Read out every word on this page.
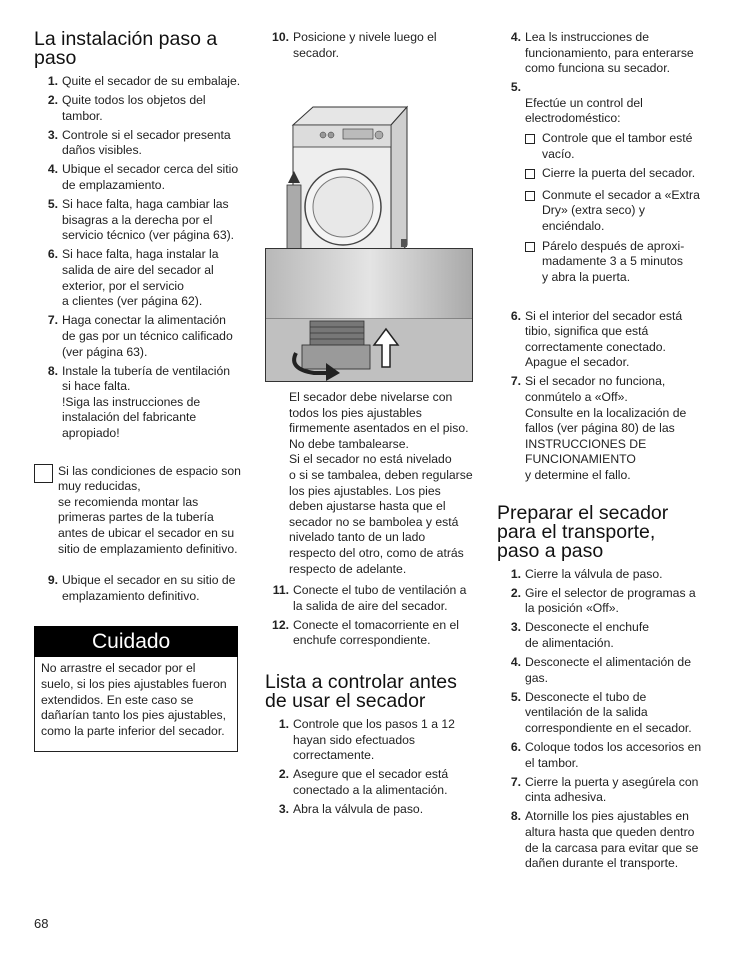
La instalación paso a paso
1. Quite el secador de su embalaje.
2. Quite todos los objetos del tambor.
3. Controle si el secador presenta daños visibles.
4. Ubique el secador cerca del sitio de emplazamiento.
5. Si hace falta, haga cambiar las bisagras a la derecha por el servicio técnico (ver página 63).
6. Si hace falta, haga instalar la salida de aire del secador al exterior, por el servicio
a clientes (ver página 62).
7. Haga conectar la alimentación de gas por un técnico calificado (ver página 63).
8. Instale la tubería de ventilación si hace falta.
!Siga las instrucciones de instalación del fabricante apropiado!
Si las condiciones de espacio son muy reducidas,
se recomienda montar las primeras partes de la tubería antes de ubicar el secador en su sitio de emplazamiento definitivo.
9. Ubique el secador en su sitio de emplazamiento definitivo.
Cuidado
No arrastre el secador por el suelo, si los pies ajustables fueron extendidos. En este caso se dañarían tanto los pies ajustables, como la parte inferior del secador.
10. Posicione y nivele luego el secador.
El secador debe nivelarse con todos los pies ajustables firmemente asentados en el piso. No debe tambalearse.
Si el secador no está nivelado
o si se tambalea, deben regularse los pies ajustables. Los pies deben ajustarse hasta que el secador no se bambolea y está nivelado tanto de un lado respecto del otro, como de atrás respecto de adelante.
11. Conecte el tubo de ventilación a la salida de aire del secador.
12. Conecte el tomacorriente en el enchufe correspondiente.
Lista a controlar antes de usar el secador
1. Controle que los pasos 1 a 12 hayan sido efectuados correctamente.
2. Asegure que el secador está conectado a la alimentación.
3. Abra la válvula de paso.
4. Lea ls instrucciones de funcionamiento, para enterarse como funciona su secador.
5.

Efectúe un control del electrodoméstico:

Controle que el tambor esté vacío.
Cierre la puerta del secador.
Conmute el secador a «Extra Dry» (extra seco) y enciéndalo.
Párelo después de aproxi-
madamente 3 a 5 minutos
y abra la puerta.

6. Si el interior del secador está tibio, significa que está correctamente conectado. Apague el secador.
7. Si el secador no funciona, conmútelo a «Off».
Consulte en la localización de fallos (ver página 80) de las INSTRUCCIONES DE FUNCIONAMIENTO
y determine el fallo.
Preparar el secador para el transporte, paso a paso
1. Cierre la válvula de paso.
2. Gire el selector de programas a la posición «Off».
3. Desconecte el enchufe
de alimentación.
4. Desconecte el alimentación de gas.
5. Desconecte el tubo de ventilación de la salida correspondiente en el secador.
6. Coloque todos los accesorios en el tambor.
7. Cierre la puerta y asegúrela con cinta adhesiva.
8. Atornille los pies ajustables en altura hasta que queden dentro de la carcasa para evitar que se dañen durante el transporte.
68
